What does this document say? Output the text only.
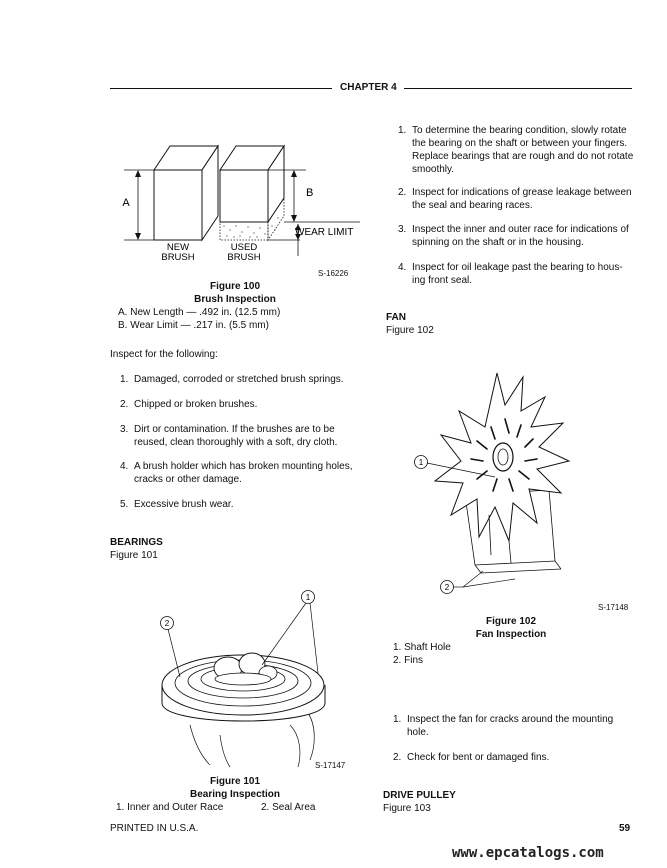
CHAPTER 4
A
B
WEAR LIMIT
NEW
BRUSH
USED
BRUSH
S-16226
Figure 100
Brush Inspection
A. New Length — .492 in. (12.5 mm)
B. Wear Limit — .217 in. (5.5 mm)
Inspect for the following:
1. Damaged, corroded or stretched brush springs.
2. Chipped or broken brushes.
3. Dirt or contamination. If the brushes are to be
reused, clean thoroughly with a soft, dry cloth.
4. A brush holder which has broken mounting holes,
cracks or other damage.
5. Excessive brush wear.
BEARINGS
Figure 101
1
2
S-17147
Figure 101
Bearing Inspection
1. Inner and Outer Race	2. Seal Area
1. To determine the bearing condition, slowly rotate
the bearing on the shaft or between your fingers.
Replace bearings that are rough and do not rotate
smoothly.
2. Inspect for indications of grease leakage between
the seal and bearing races.
3. Inspect the inner and outer race for indications of
spinning on the shaft or in the housing.
4. Inspect for oil leakage past the bearing to hous-
ing front seal.
FAN
Figure 102
1
2
S-17148
Figure 102
Fan Inspection
1. Shaft Hole
2. Fins
1. Inspect the fan for cracks around the mounting
hole.
2. Check for bent or damaged fins.
DRIVE PULLEY
Figure 103
PRINTED IN U.S.A.	59
www.epcatalogs.com
